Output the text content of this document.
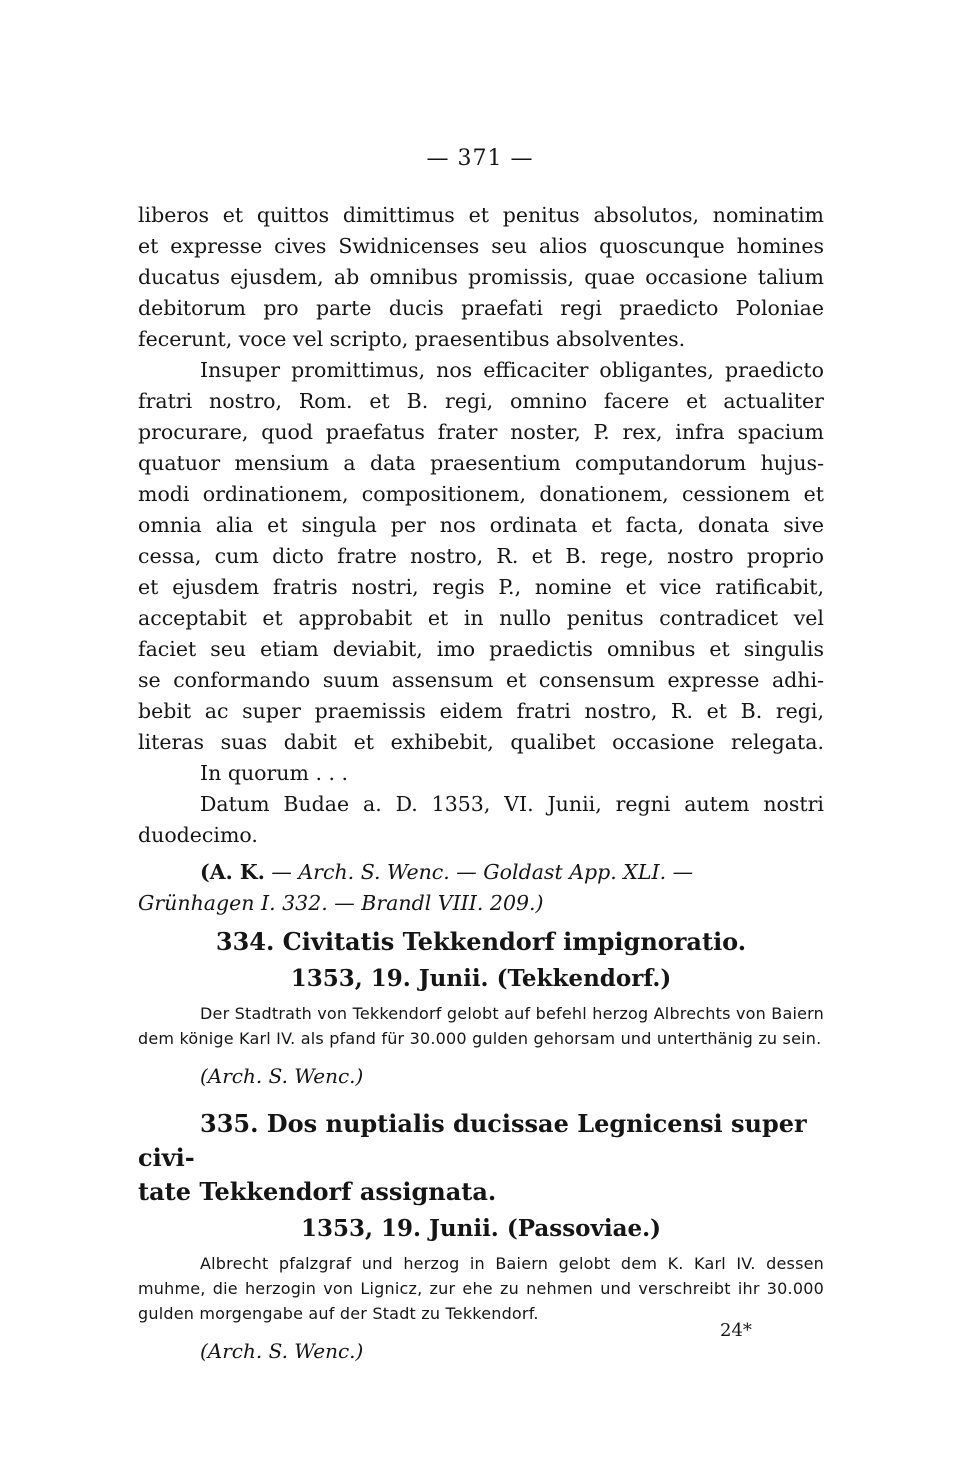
— 371 —

liberos et quittos dimittimus et penitus absolutos, nominatim

et expresse cives Swidnicenses seu alios quoscunque homines

ducatus ejusdem, ab omnibus promissis, quae occasione talium

debitorum pro parte ducis praefati regi praedicto Poloniae

fecerunt, voce vel scripto, praesentibus absolventes.

Insuper promittimus, nos efficaciter obligantes, praedicto

fratri nostro, Rom. et B. regi, omnino facere et actualiter

procurare, quod praefatus frater noster, P. rex, infra spacium

quatuor mensium a data praesentium computandorum hujus-

modi ordinationem, compositionem, donationem, cessionem et

omnia alia et singula per nos ordinata et facta, donata sive

cessa, cum dicto fratre nostro, R. et B. rege, nostro proprio

et ejusdem fratris nostri, regis P., nomine et vice ratificabit,

acceptabit et approbabit et in nullo penitus contradicet vel

faciet seu etiam deviabit, imo praedictis omnibus et singulis

se conformando suum assensum et consensum expresse adhi-

bebit ac super praemissis eidem fratri nostro, R. et B. regi,

literas suas dabit et exhibebit, qualibet occasione relegata.

In quorum . . .

Datum Budae a. D. 1353, VI. Junii, regni autem nostri

duodecimo.

(A. K. — Arch. S. Wenc. — Goldast App. XLI. —
Grünhagen I. 332. — Brandl VIII. 209.)
334. Civitatis Tekkendorf impignoratio.
1353, 19. Junii. (Tekkendorf.)
Der Stadtrath von Tekkendorf gelobt auf befehl herzog Albrechts von Baiern dem könige Karl IV. als pfand für 30.000 gulden gehorsam und unterthänig zu sein.
(Arch. S. Wenc.)
335. Dos nuptialis ducissae Legnicensi super civi-
tate Tekkendorf assignata.
1353, 19. Junii. (Passoviae.)
Albrecht pfalzgraf und herzog in Baiern gelobt dem K. Karl IV. dessen muhme, die herzogin von Lignicz, zur ehe zu nehmen und verschreibt ihr 30.000 gulden morgengabe auf der Stadt zu Tekkendorf.
(Arch. S. Wenc.)
24*
